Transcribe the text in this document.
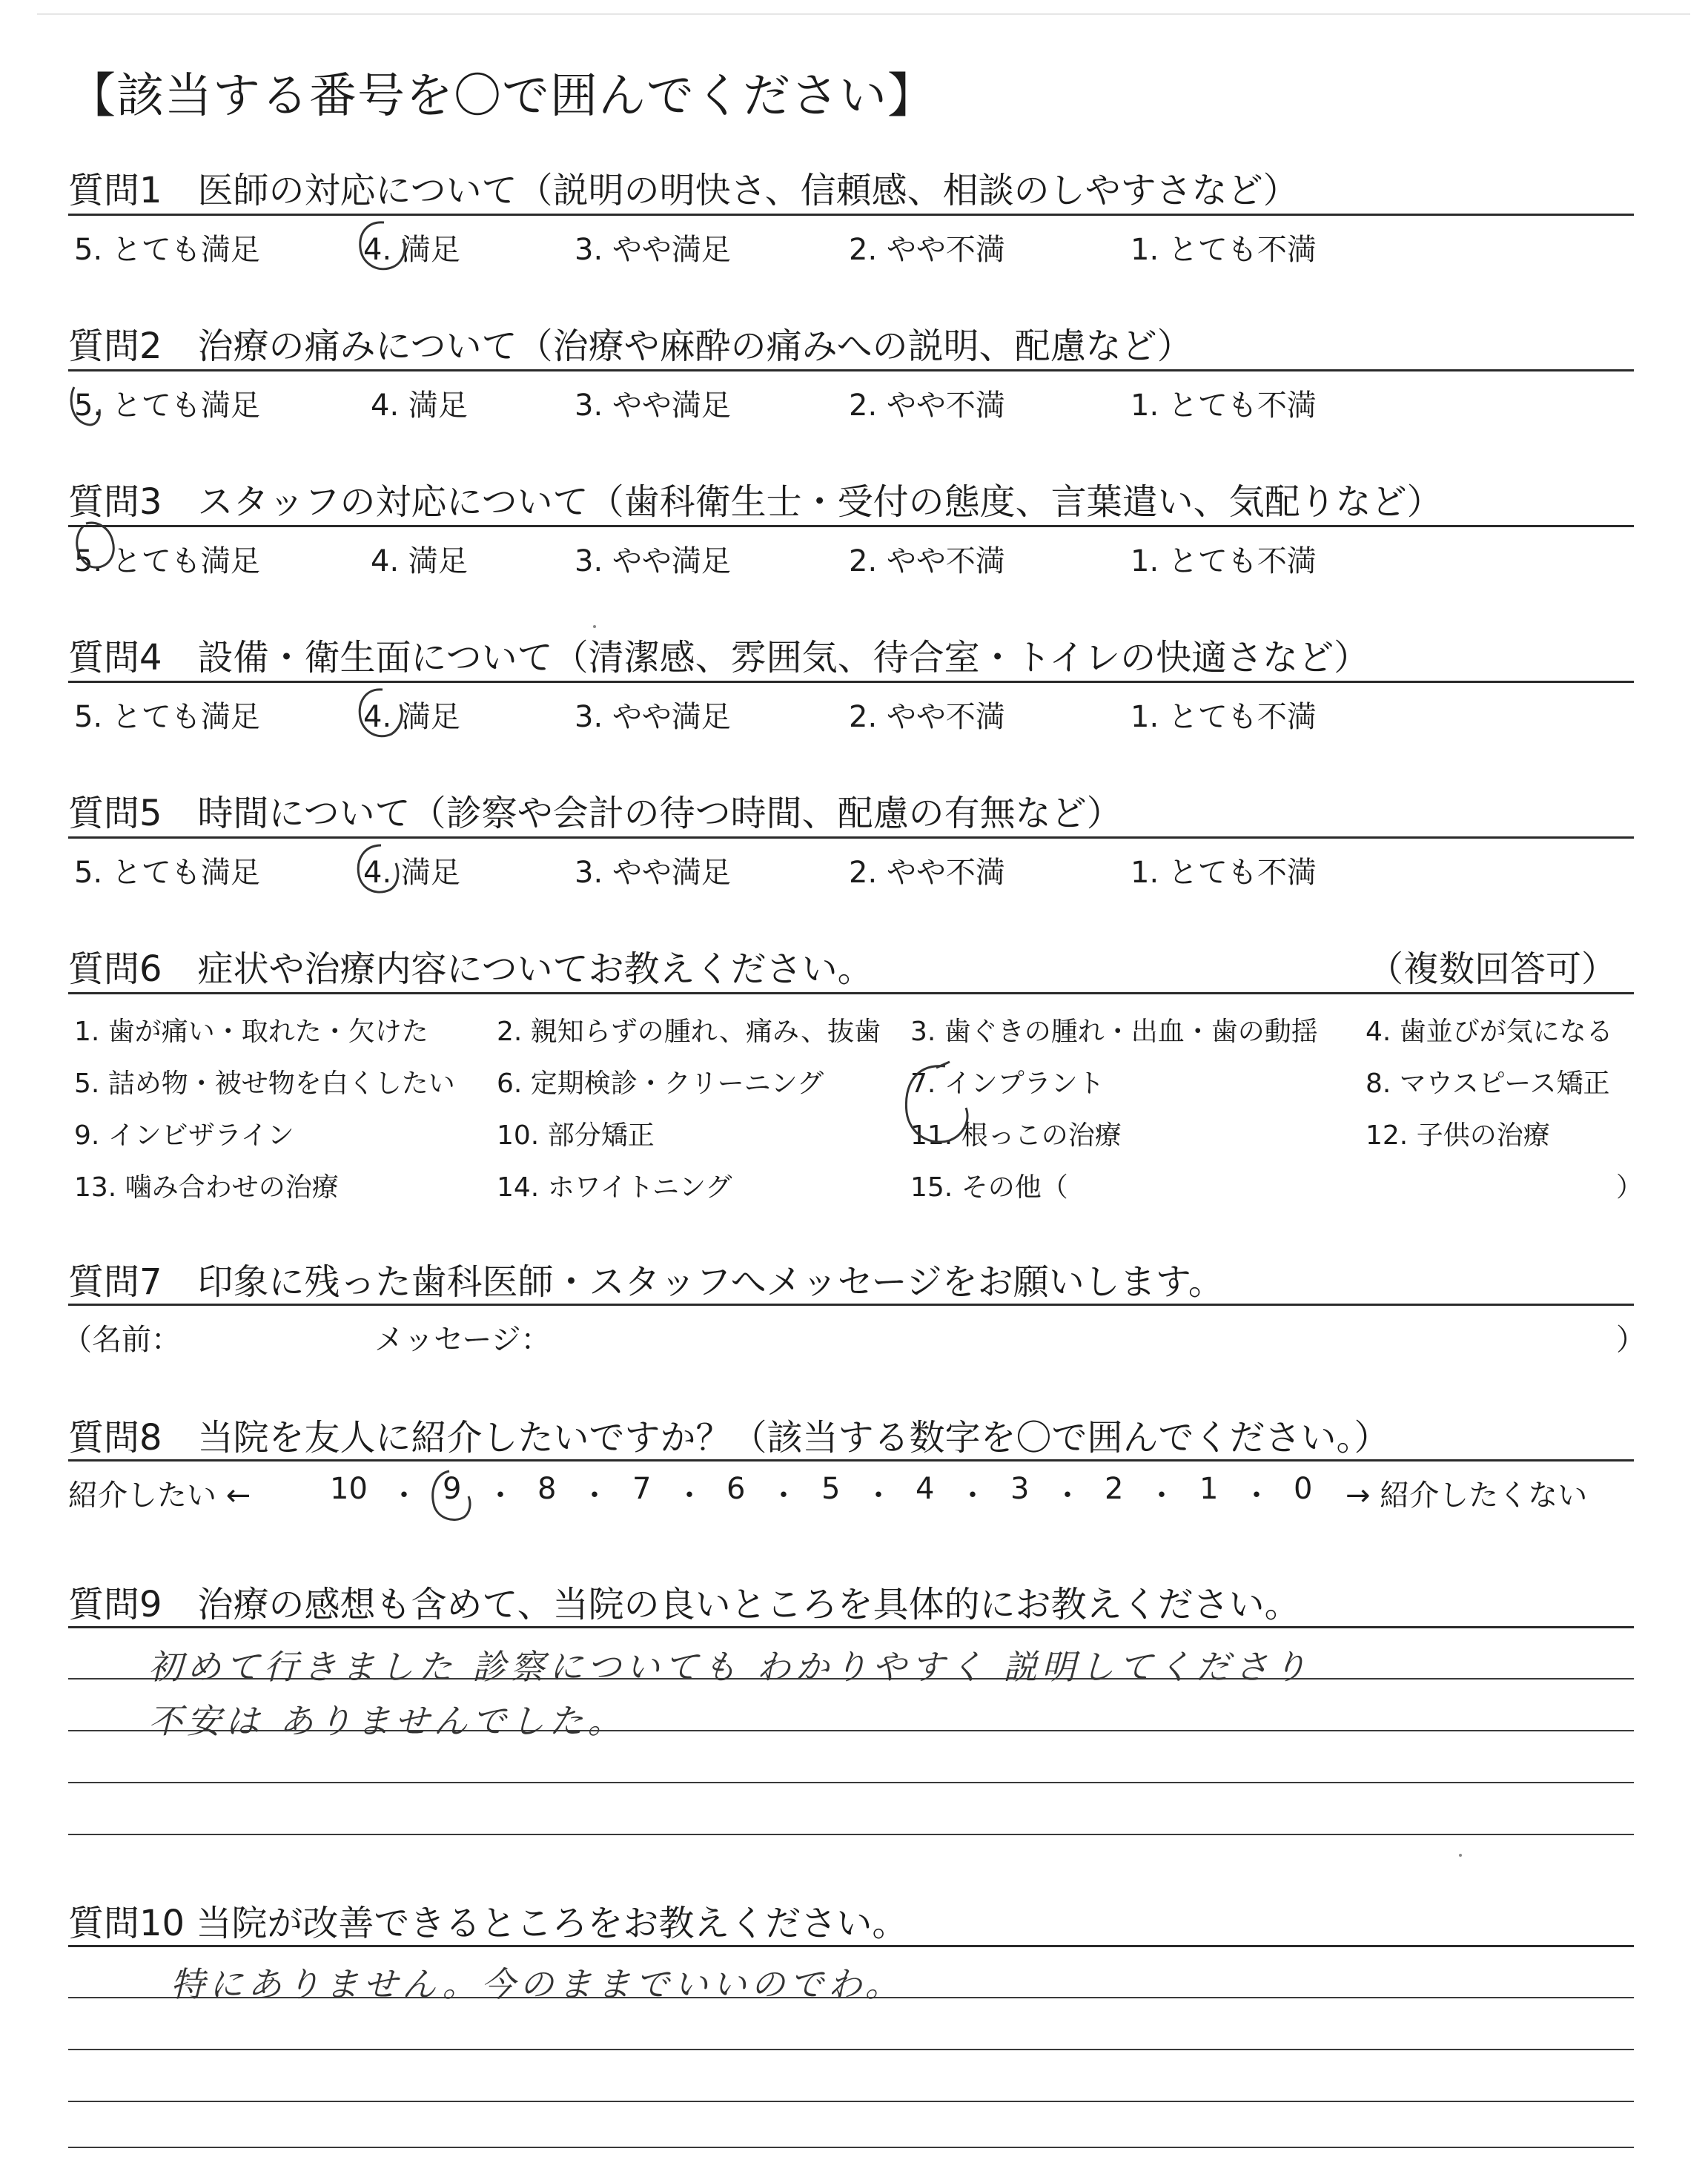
【該当する番号を〇で囲んでください】
質問1　医師の対応について（説明の明快さ、信頼感、相談のしやすさなど）
5. とても満足	4. 満足	3. やや満足	2. やや不満	1. とても不満
質問2　治療の痛みについて（治療や麻酔の痛みへの説明、配慮など）
5. とても満足	4. 満足	3. やや満足	2. やや不満	1. とても不満
質問3　スタッフの対応について（歯科衛生士・受付の態度、言葉遣い、気配りなど）
5. とても満足	4. 満足	3. やや満足	2. やや不満	1. とても不満
質問4　設備・衛生面について（清潔感、雰囲気、待合室・トイレの快適さなど）
5. とても満足	4. 満足	3. やや満足	2. やや不満	1. とても不満
質問5　時間について（診察や会計の待つ時間、配慮の有無など）
5. とても満足	4. 満足	3. やや満足	2. やや不満	1. とても不満
質問6　症状や治療内容についてお教えください。	（複数回答可）
1. 歯が痛い・取れた・欠けた	2. 親知らずの腫れ、痛み、抜歯 3. 歯ぐきの腫れ・出血・歯の動揺 4. 歯並びが気になる
5. 詰め物・被せ物を白くしたい 6. 定期検診・クリーニング	7. インプラント	8. マウスピース矯正
9. インビザライン	10. 部分矯正	11. 根っこの治療	12. 子供の治療
13. 噛み合わせの治療	14. ホワイトニング	15. その他（	）
質問7　印象に残った歯科医師・スタッフへメッセージをお願いします。
（名前：	メッセージ：	）
質問8　当院を友人に紹介したいですか？（該当する数字を〇で囲んでください。）
紹介したい ←	10 ・ 9 ・ 8 ・ 7 ・ 6 ・ 5 ・ 4 ・ 3 ・ 2 ・ 1 ・ 0 → 紹介したくない
質問9　治療の感想も含めて、当院の良いところを具体的にお教えください。
初めて行きました 診察についても わかりやすく 説明してくださり
不安は ありませんでした。
質問10 当院が改善できるところをお教えください。
特にありません。今のままでいいのでわ。
